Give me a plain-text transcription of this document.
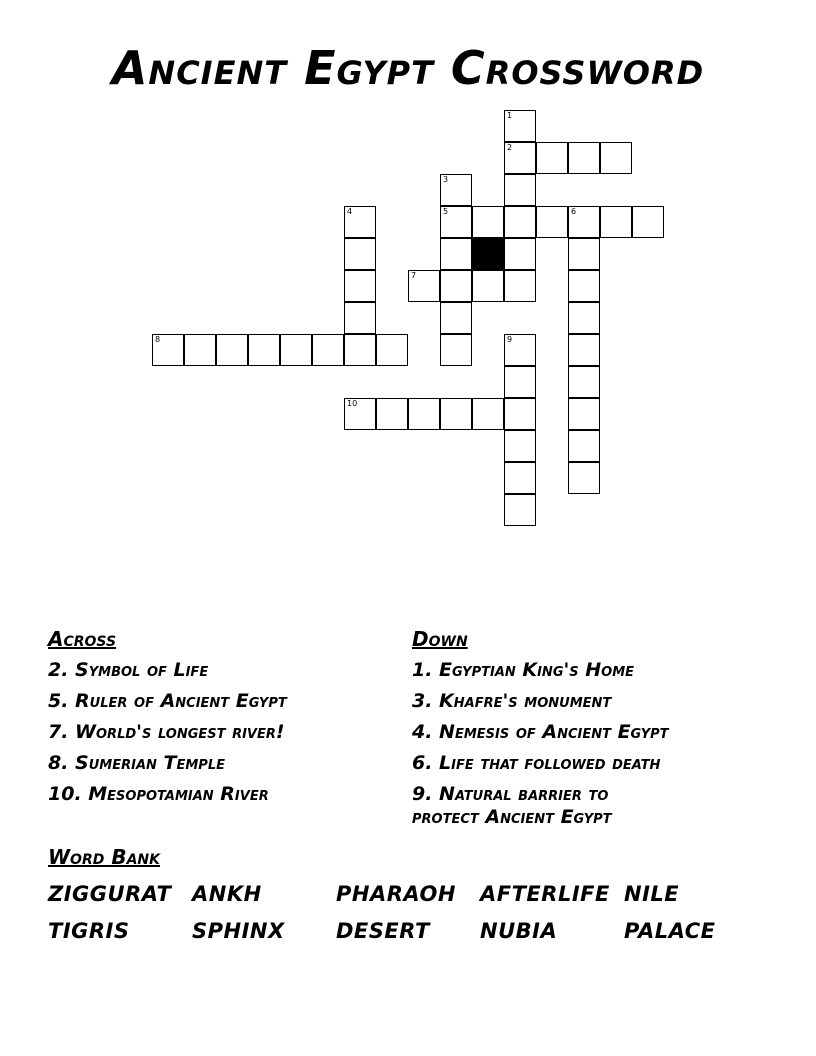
Ancient Egypt Crossword
1
2
3
4	5	6
7
8	9
10
Across
2. Symbol of Life
5. Ruler of Ancient Egypt
7. World's longest river!
8. Sumerian Temple
10. Mesopotamian River
Down
1. Egyptian King's Home
3. Khafre's monument
4. Nemesis of Ancient Egypt
6. Life that followed death
9. Natural barrier to
protect Ancient Egypt
Word Bank
ZIGGURAT ANKH	PHARAOH AFTERLIFE NILE
TIGRIS	SPHINX DESERT NUBIA	PALACE
